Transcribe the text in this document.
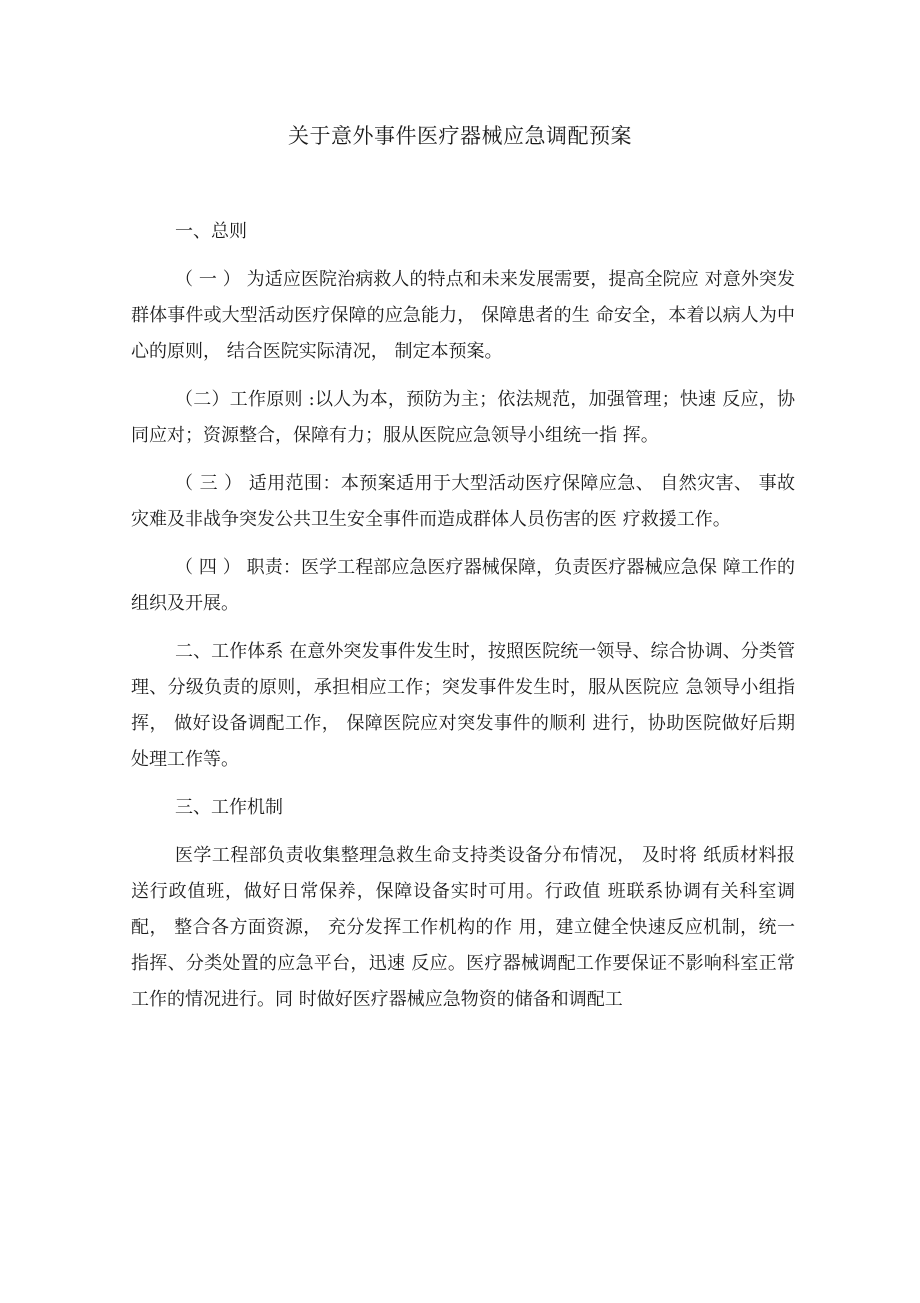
关于意外事件医疗器械应急调配预案

一、总则

（ 一 ） 为适应医院治病救人的特点和未来发展需要，提高全院应 对意外突发群体事件或大型活动医疗保障的应急能力， 保障患者的生 命安全，本着以病人为中心的原则， 结合医院实际清况， 制定本预案。

（二）工作原则 :以人为本，预防为主；依法规范，加强管理；快速 反应，协同应对；资源整合，保障有力；服从医院应急领导小组统一指 挥。

（ 三 ） 适用范围：本预案适用于大型活动医疗保障应急、 自然灾害、 事故灾难及非战争突发公共卫生安全事件而造成群体人员伤害的医 疗救援工作。

（ 四 ） 职责：医学工程部应急医疗器械保障，负责医疗器械应急保 障工作的组织及开展。

二、工作体系 在意外突发事件发生时，按照医院统一领导、综合协调、分类管 理、分级负责的原则，承担相应工作；突发事件发生时，服从医院应 急领导小组指挥， 做好设备调配工作， 保障医院应对突发事件的顺利 进行，协助医院做好后期处理工作等。

三、工作机制

医学工程部负责收集整理急救生命支持类设备分布情况， 及时将 纸质材料报送行政值班，做好日常保养，保障设备实时可用。行政值 班联系协调有关科室调配， 整合各方面资源， 充分发挥工作机构的作 用，建立健全快速反应机制，统一指挥、分类处置的应急平台，迅速 反应。医疗器械调配工作要保证不影响科室正常工作的情况进行。同 时做好医疗器械应急物资的储备和调配工
